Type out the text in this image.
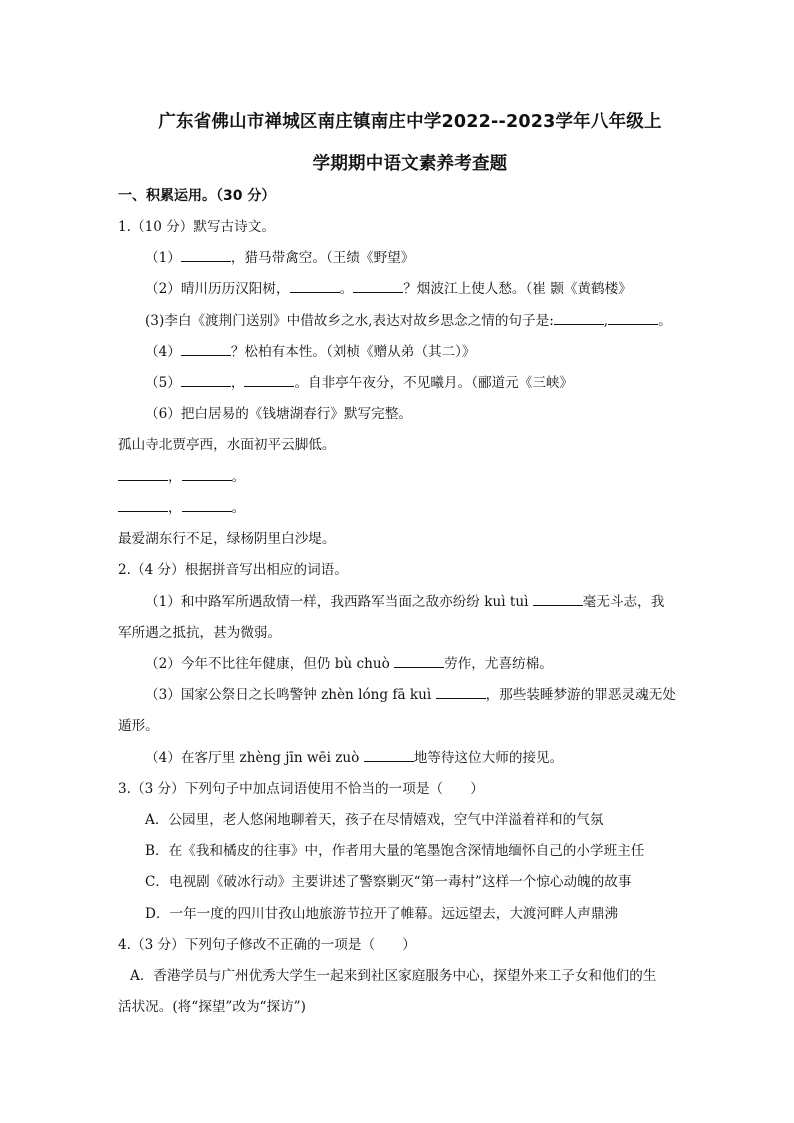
广东省佛山市禅城区南庄镇南庄中学2022--2023学年八年级上
学期期中语文素养考查题
一、积累运用。（30 分）
1.（10 分）默写古诗文。
（1）	，猎马带禽空。（王绩《野望》
（2）晴川历历汉阳树，	。	？烟波江上使人愁。（崔 颢《黄鹤楼》
(3)李白《渡荆门送别》中借故乡之水,表达对故乡思念之情的句子是:	,	。
（4）	？松柏有本性。（刘桢《赠从弟（其二）》
（5）	，	。自非亭午夜分，不见曦月。（郦道元《三峡》
（6）把白居易的《钱塘湖春行》默写完整。
孤山寺北贾亭西，水面初平云脚低。
，	。
，	。
最爱湖东行不足，绿杨阴里白沙堤。
2.（4 分）根据拼音写出相应的词语。
（1）和中路军所遇敌情一样，我西路军当面之敌亦纷纷 kuì tuì	毫无斗志，我
军所遇之抵抗，甚为微弱。
（2）今年不比往年健康，但仍 bù chuò	劳作，尤喜纺棉。
（3）国家公祭日之长鸣警钟 zhèn lóng fā kuì	，那些装睡梦游的罪恶灵魂无处
遁形。
（4）在客厅里 zhèng jīn wēi zuò	地等待这位大师的接见。
3.（3 分）下列句子中加点词语使用不恰当的一项是（　　）
A．公园里，老人悠闲地聊着天，孩子在尽情嬉戏，空气中洋溢着祥和的气氛
B．在《我和橘皮的往事》中，作者用大量的笔墨饱含深情地缅怀自己的小学班主任
C．电视剧《破冰行动》主要讲述了警察剿灭“第一毒村”这样一个惊心动魄的故事
D．一年一度的四川甘孜山地旅游节拉开了帷幕。远远望去，大渡河畔人声鼎沸
4.（3 分）下列句子修改不正确的一项是（　　）
A．香港学员与广州优秀大学生一起来到社区家庭服务中心，探望外来工子女和他们的生
活状况。(将“探望”改为“探访”)
